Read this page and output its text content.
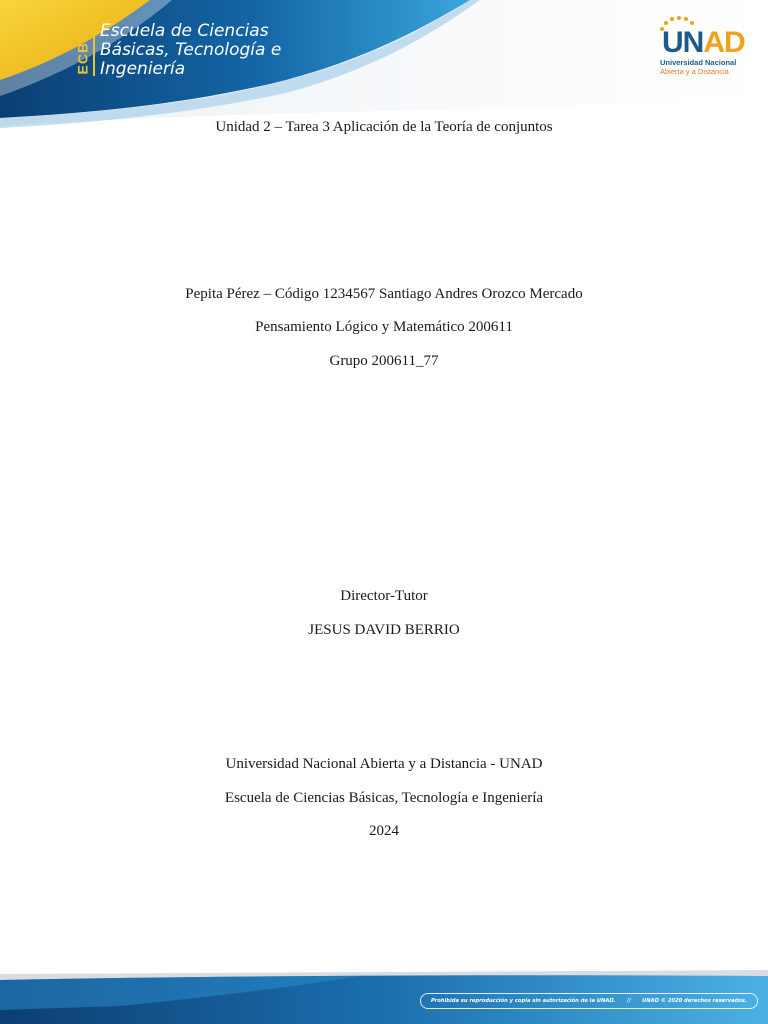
ECBTI Escuela de Ciencias
Básicas, Tecnología e
Ingeniería
UNAD
Universidad Nacional
Abierta y a Distancia
Unidad 2 – Tarea 3 Aplicación de la Teoría de conjuntos
Pepita Pérez – Código 1234567 Santiago Andres Orozco Mercado
Pensamiento Lógico y Matemático 200611
Grupo 200611_77
Director-Tutor
JESUS DAVID BERRIO
Universidad Nacional Abierta y a Distancia - UNAD
Escuela de Ciencias Básicas, Tecnología e Ingeniería
2024
Prohibida su reproducción y copia sin autorización de la UNAD. // UNAD © 2020 derechos reservados.
